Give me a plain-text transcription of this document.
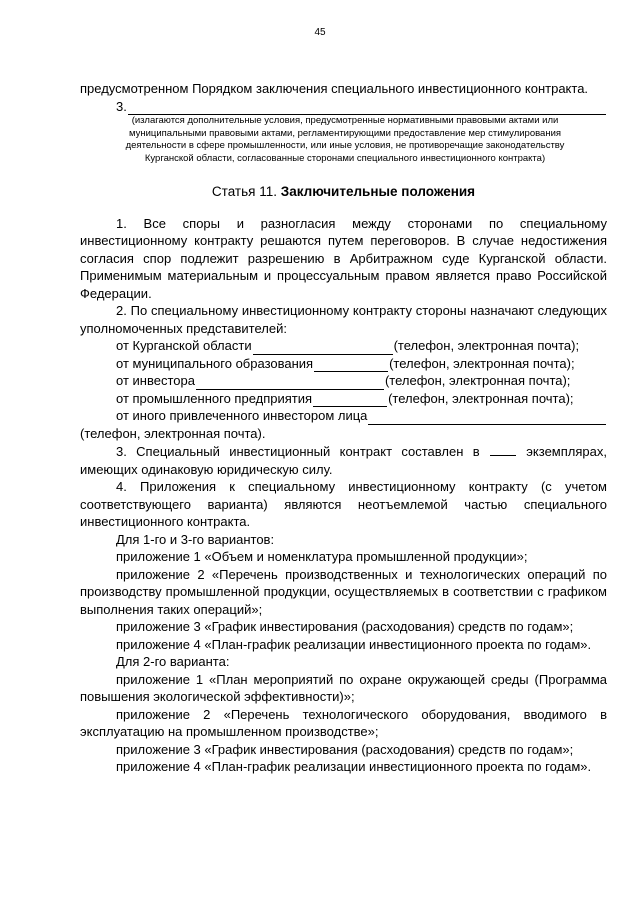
45

предусмотренном Порядком заключения специального инвестиционного контракта.

3.

(излагаются дополнительные условия, предусмотренные нормативными правовыми актами или муниципальными правовыми актами, регламентирующими предоставление мер стимулирования деятельности в сфере промышленности, или иные условия, не противоречащие законодательству Курганской области, согласованные сторонами специального инвестиционного контракта)

Статья 11. Заключительные положения

1. Все споры и разногласия между сторонами по специальному инвестиционному контракту решаются путем переговоров. В случае недостижения согласия спор подлежит разрешению в Арбитражном суде Курганской области. Применимым материальным и процессуальным правом является право Российской Федерации.

2. По специальному инвестиционному контракту стороны назначают следующих уполномоченных представителей:

от Курганской области	(телефон, электронная почта);
от муниципального образования	(телефон, электронная почта);
от инвестора	(телефон, электронная почта);
от промышленного предприятия	(телефон, электронная почта);
от иного привлеченного инвестором лица

(телефон, электронная почта).

3. Специальный инвестиционный контракт составлен в	экземплярах, имеющих одинаковую юридическую силу.

4. Приложения к специальному инвестиционному контракту (с учетом соответствующего варианта) являются неотъемлемой частью специального инвестиционного контракта.

Для 1-го и 3-го вариантов:

приложение 1 «Объем и номенклатура промышленной продукции»;

приложение 2 «Перечень производственных и технологических операций по производству промышленной продукции, осуществляемых в соответствии с графиком выполнения таких операций»;

приложение 3 «График инвестирования (расходования) средств по годам»;

приложение 4 «План-график реализации инвестиционного проекта по годам».

Для 2-го варианта:

приложение 1 «План мероприятий по охране окружающей среды (Программа повышения экологической эффективности)»;

приложение 2 «Перечень технологического оборудования, вводимого в эксплуатацию на промышленном производстве»;

приложение 3 «График инвестирования (расходования) средств по годам»;

приложение 4 «План-график реализации инвестиционного проекта по годам».
